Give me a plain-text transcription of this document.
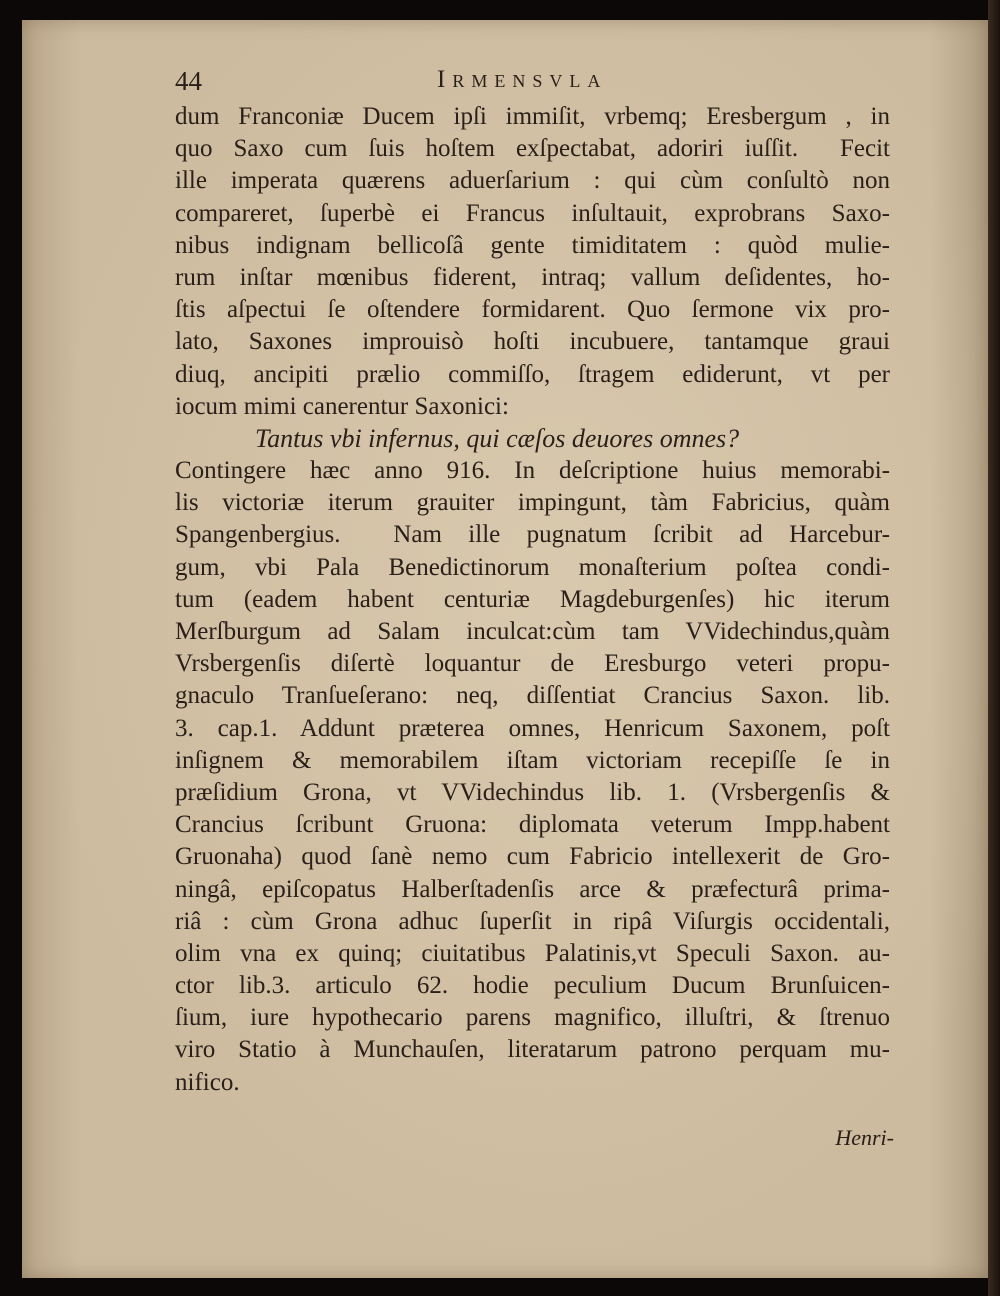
44	Irmensvla
dum Franconiæ Ducem ipſi immiſit, vrbemq; Eresbergum , in
quo Saxo cum ſuis hoſtem exſpectabat, adoriri iuſſit.  Fecit
ille imperata quærens aduerſarium : qui cùm conſultò non
compareret, ſuperbè ei Francus inſultauit, exprobrans Saxo-
nibus indignam bellicoſâ gente timiditatem : quòd mulie-
rum inſtar mœnibus fiderent, intraq; vallum deſidentes, ho-
ſtis aſpectui ſe oſtendere formidarent. Quo ſermone vix pro-
lato, Saxones improuisò hoſti incubuere, tantamque graui
diuq, ancipiti prælio commiſſo, ſtragem ediderunt, vt per
iocum mimi canerentur Saxonici:
Tantus vbi infernus, qui cæſos deuores omnes?
Contingere hæc anno 916. In deſcriptione huius memorabi-
lis victoriæ iterum grauiter impingunt, tàm Fabricius, quàm
Spangenbergius.  Nam ille pugnatum ſcribit ad Harcebur-
gum, vbi Pala Benedictinorum monaſterium poſtea condi-
tum (eadem habent centuriæ Magdeburgenſes) hic iterum
Merſburgum ad Salam inculcat:cùm tam VVidechindus,quàm
Vrsbergenſis diſertè loquantur de Eresburgo veteri propu-
gnaculo Tranſueſerano: neq, diſſentiat Crancius Saxon. lib.
3. cap.1. Addunt præterea omnes, Henricum Saxonem, poſt
inſignem & memorabilem iſtam victoriam recepiſſe ſe in
præſidium Grona, vt VVidechindus lib. 1. (Vrsbergenſis &
Crancius ſcribunt Gruona: diplomata veterum Impp.habent
Gruonaha) quod ſanè nemo cum Fabricio intellexerit de Gro-
ningâ, epiſcopatus Halberſtadenſis arce & præfecturâ prima-
riâ : cùm Grona adhuc ſuperſit in ripâ Viſurgis occidentali,
olim vna ex quinq; ciuitatibus Palatinis,vt Speculi Saxon. au-
ctor lib.3. articulo 62. hodie peculium Ducum Brunſuicen-
ſium, iure hypothecario parens magnifico, illuſtri, & ſtrenuo
viro Statio à Munchauſen, literatarum patrono perquam mu-
nifico.
Henri-
